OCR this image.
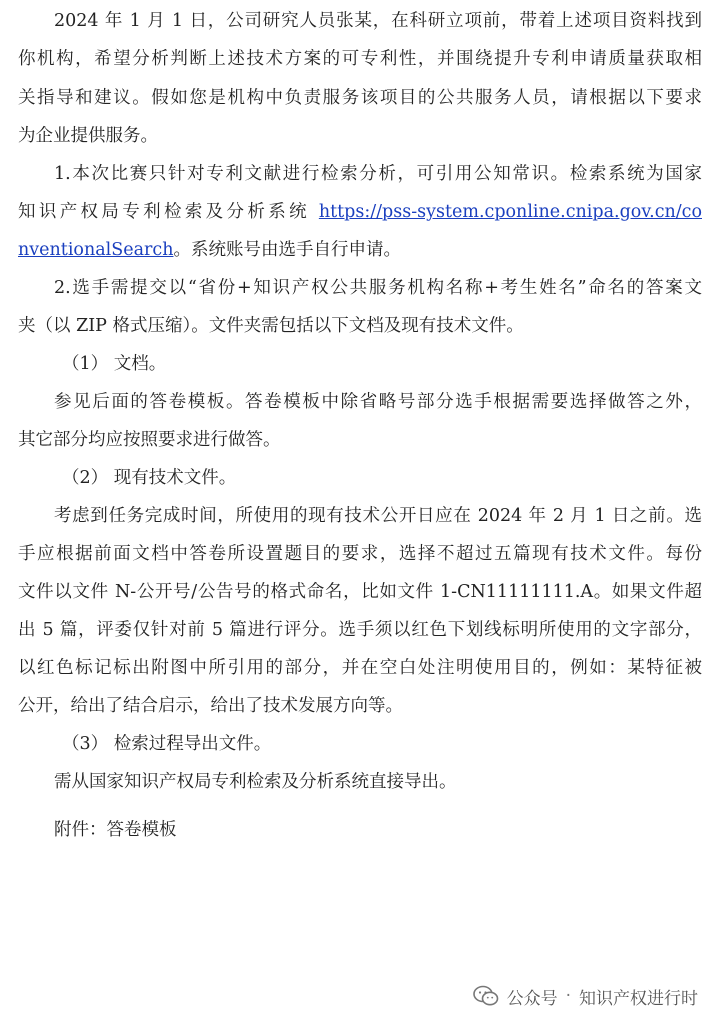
2024 年 1 月 1 日，公司研究人员张某，在科研立项前，带着上述项目资料找到
你机构，希望分析判断上述技术方案的可专利性，并围绕提升专利申请质量获取相
关指导和建议。假如您是机构中负责服务该项目的公共服务人员，请根据以下要求
为企业提供服务。
1.本次比赛只针对专利文献进行检索分析，可引用公知常识。检索系统为国家
知识产权局专利检索及分析系统 https://pss-system.cponline.cnipa.gov.cn/co
nventionalSearch。系统账号由选手自行申请。
2.选手需提交以“省份+知识产权公共服务机构名称+考生姓名”命名的答案文
夹（以 ZIP 格式压缩）。文件夹需包括以下文档及现有技术文件。
（1） 文档。
参见后面的答卷模板。答卷模板中除省略号部分选手根据需要选择做答之外，
其它部分均应按照要求进行做答。
（2） 现有技术文件。
考虑到任务完成时间，所使用的现有技术公开日应在 2024 年 2 月 1 日之前。选
手应根据前面文档中答卷所设置题目的要求，选择不超过五篇现有技术文件。每份
文件以文件 N-公开号/公告号的格式命名，比如文件 1-CN11111111.A。如果文件超
出 5 篇，评委仅针对前 5 篇进行评分。选手须以红色下划线标明所使用的文字部分，
以红色标记标出附图中所引用的部分，并在空白处注明使用目的，例如：某特征被
公开，给出了结合启示，给出了技术发展方向等。
（3） 检索过程导出文件。
需从国家知识产权局专利检索及分析系统直接导出。
附件：答卷模板
公众号 · 知识产权进行时
